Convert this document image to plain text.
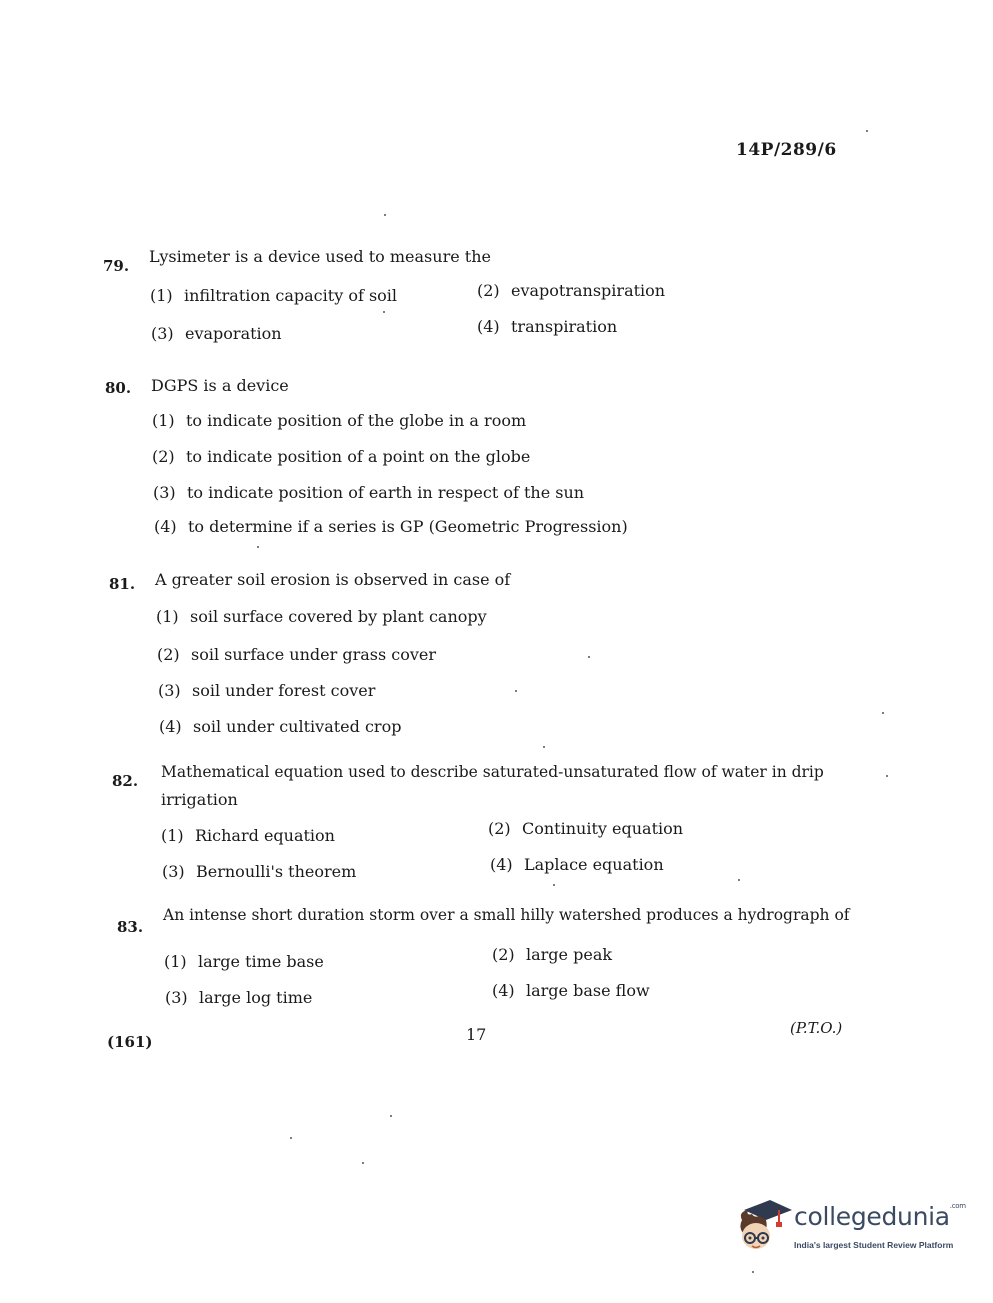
14P/289/6
79. Lysimeter is a device used to measure the
(1) infiltration capacity of soil	(2) evapotranspiration
(3) evaporation	(4) transpiration
80. DGPS is a device
(1) to indicate position of the globe in a room
(2) to indicate position of a point on the globe
(3) to indicate position of earth in respect of the sun
(4) to determine if a series is GP (Geometric Progression)
81. A greater soil erosion is observed in case of
(1) soil surface covered by plant canopy
(2) soil surface under grass cover
(3) soil under forest cover
(4) soil under cultivated crop
82. Mathematical equation used to describe saturated-unsaturated flow of water in drip
irrigation
(1) Richard equation	(2) Continuity equation
(3) Bernoulli's theorem	(4) Laplace equation
83.
An intense short duration storm over a small hilly watershed produces a hydrograph of
(1) large time base	(2) large peak
(3) large log time	(4) large base flow
(161)	17	(P.T.O.)
collegedunia$^{.com}$
India's largest Student Review Platform
